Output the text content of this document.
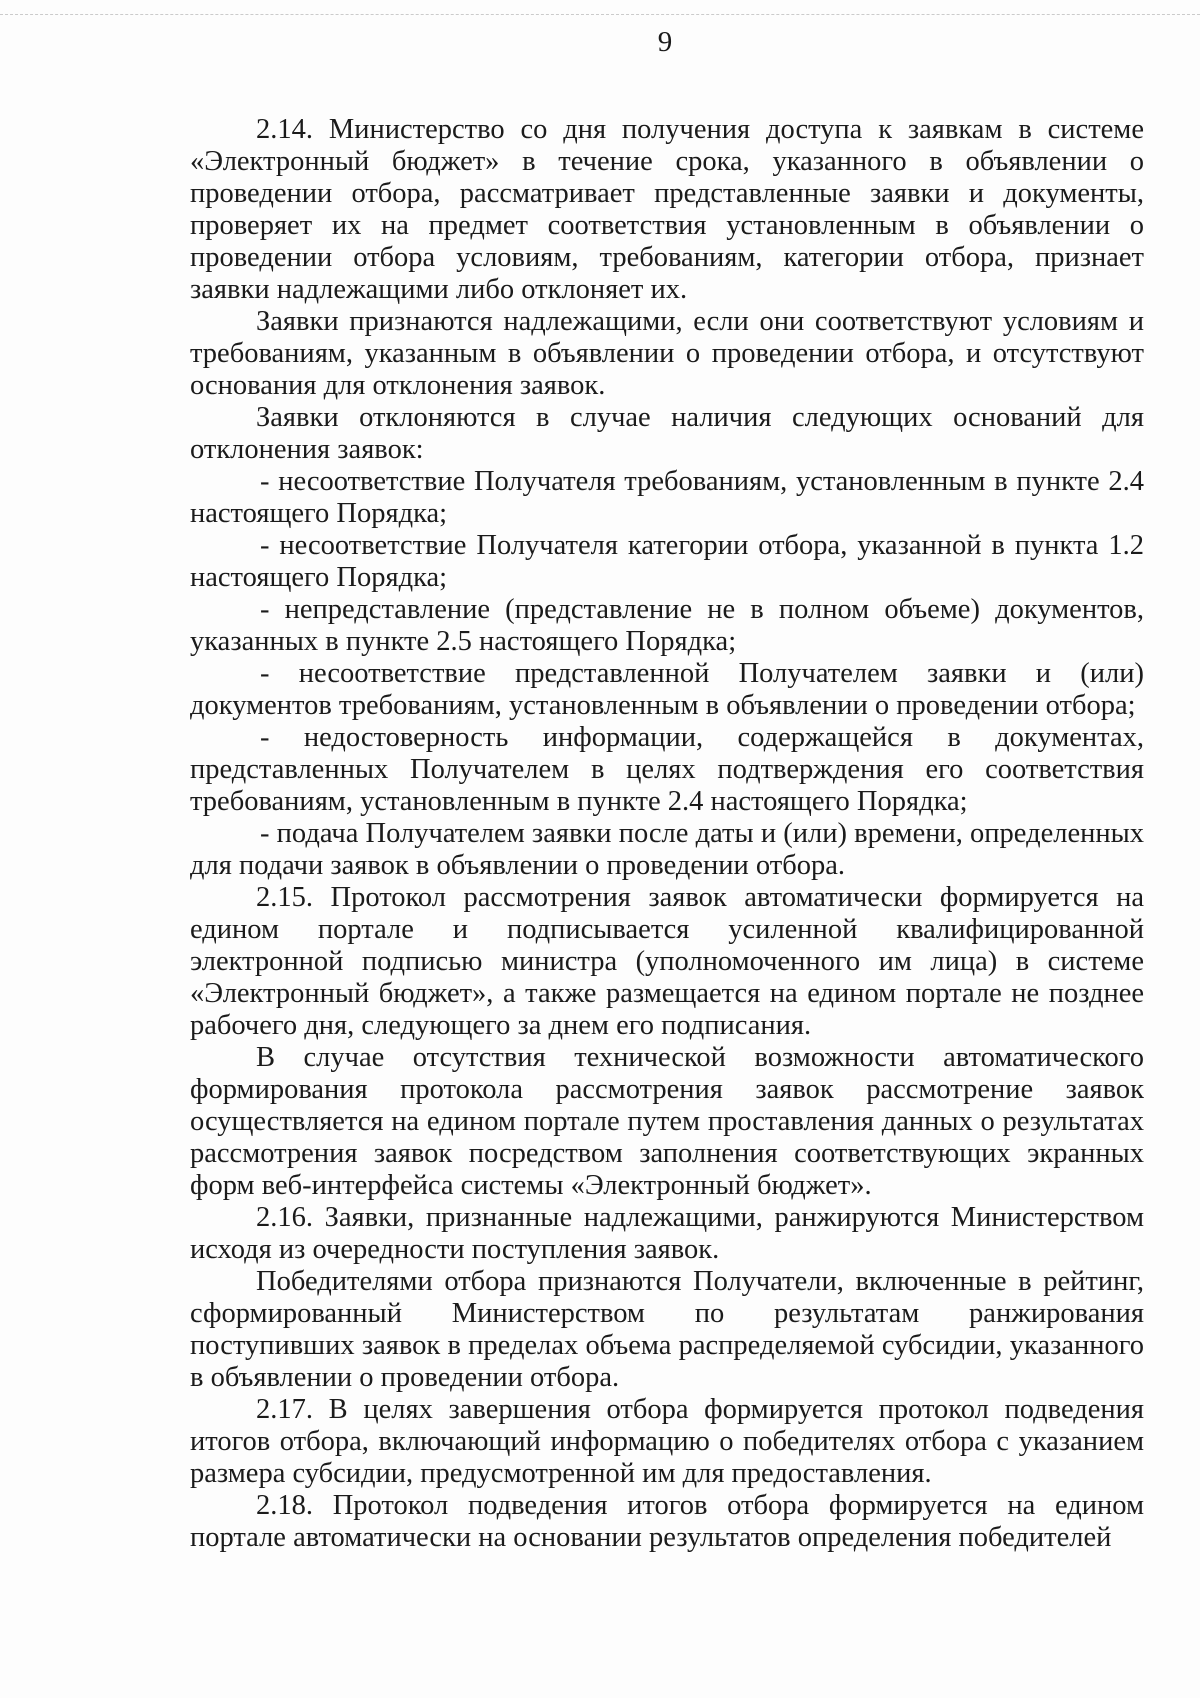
9

2.14. Министерство со дня получения доступа к заявкам в системе «Электронный бюджет» в течение срока, указанного в объявлении о проведении отбора, рассматривает представленные заявки и документы, проверяет их на предмет соответствия установленным в объявлении о проведении отбора условиям, требованиям, категории отбора, признает заявки надлежащими либо отклоняет их.

Заявки признаются надлежащими, если они соответствуют условиям и требованиям, указанным в объявлении о проведении отбора, и отсутствуют основания для отклонения заявок.

Заявки отклоняются в случае наличия следующих оснований для отклонения заявок:

- несоответствие Получателя требованиям, установленным в пункте 2.4 настоящего Порядка;

- несоответствие Получателя категории отбора, указанной в пункта 1.2 настоящего Порядка;

- непредставление (представление не в полном объеме) документов, указанных в пункте 2.5 настоящего Порядка;

- несоответствие представленной Получателем заявки и (или) документов требованиям, установленным в объявлении о проведении отбора;

- недостоверность информации, содержащейся в документах, представленных Получателем в целях подтверждения его соответствия требованиям, установленным в пункте 2.4 настоящего Порядка;

- подача Получателем заявки после даты и (или) времени, определенных для подачи заявок в объявлении о проведении отбора.

2.15. Протокол рассмотрения заявок автоматически формируется на едином портале и подписывается усиленной квалифицированной электронной подписью министра (уполномоченного им лица) в системе «Электронный бюджет», а также размещается на едином портале не позднее рабочего дня, следующего за днем его подписания.

В случае отсутствия технической возможности автоматического формирования протокола рассмотрения заявок рассмотрение заявок осуществляется на едином портале путем проставления данных о результатах рассмотрения заявок посредством заполнения соответствующих экранных форм веб-интерфейса системы «Электронный бюджет».

2.16. Заявки, признанные надлежащими, ранжируются Министерством исходя из очередности поступления заявок.

Победителями отбора признаются Получатели, включенные в рейтинг, сформированный Министерством по результатам ранжирования поступивших заявок в пределах объема распределяемой субсидии, указанного в объявлении о проведении отбора.

2.17. В целях завершения отбора формируется протокол подведения итогов отбора, включающий информацию о победителях отбора с указанием размера субсидии, предусмотренной им для предоставления.

2.18. Протокол подведения итогов отбора формируется на едином портале автоматически на основании результатов определения победителей
